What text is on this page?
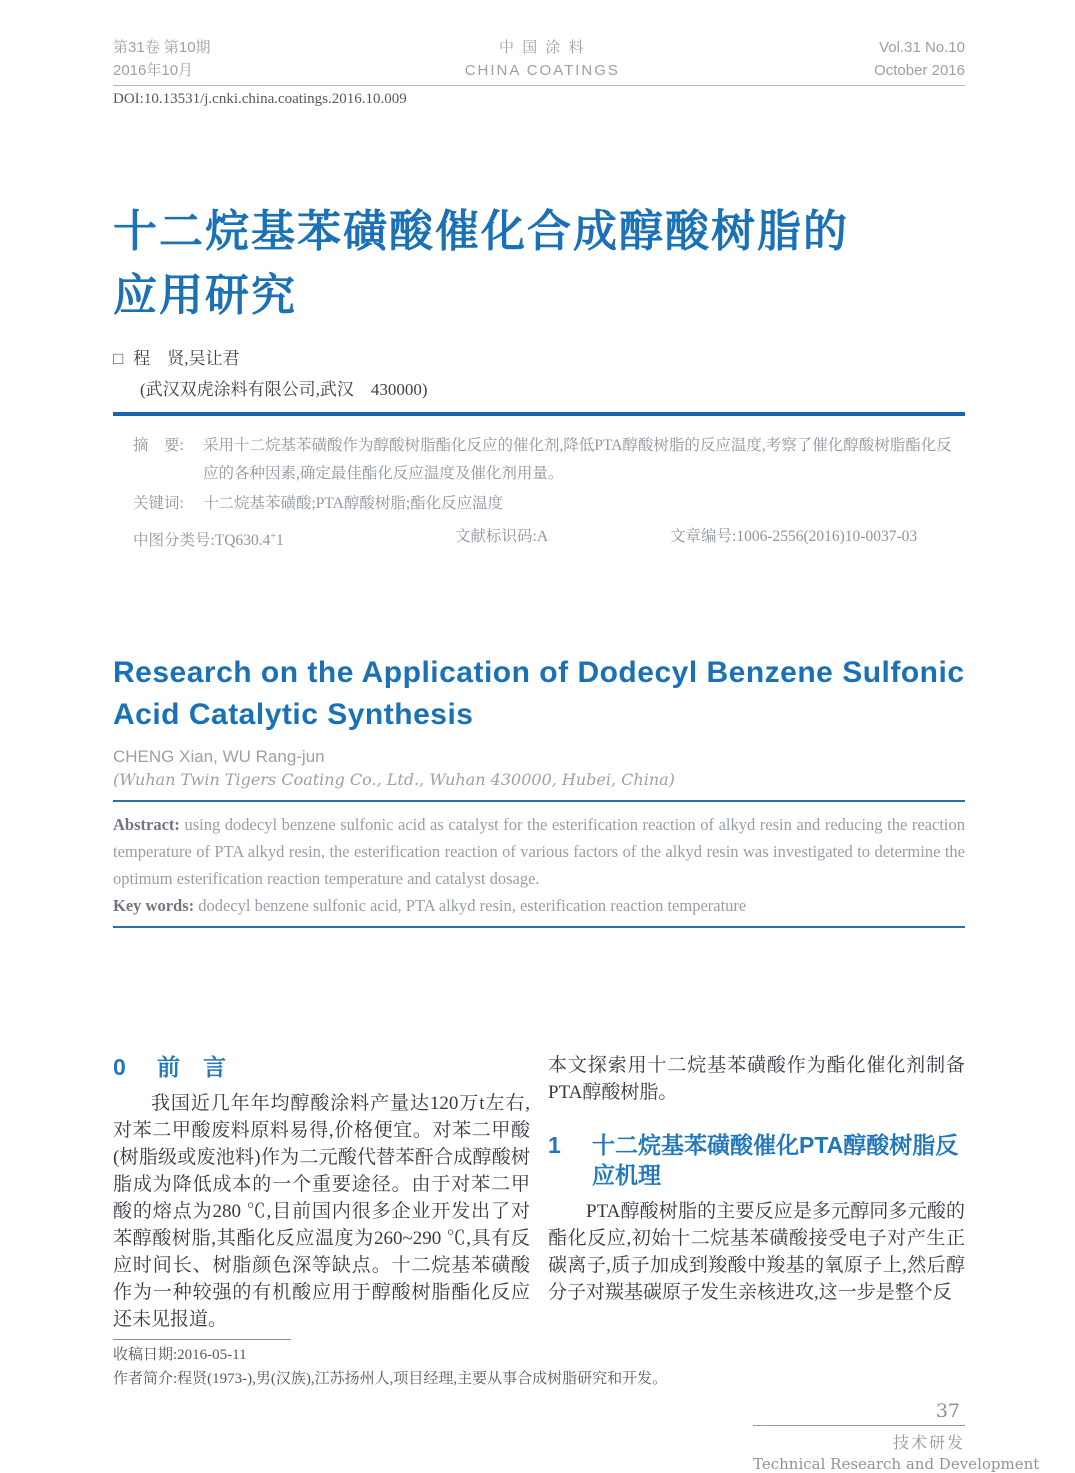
第31卷 第10期
2016年10月
中 国 涂 料
CHINA COATINGS
Vol.31 No.10
October 2016
DOI:10.13531/j.cnki.china.coatings.2016.10.009
十二烷基苯磺酸催化合成醇酸树脂的
应用研究
□ 程　贤,吴让君
(武汉双虎涂料有限公司,武汉　430000)
摘　要:	采用十二烷基苯磺酸作为醇酸树脂酯化反应的催化剂,降低PTA醇酸树脂的反应温度,考察了催化醇酸树脂酯化反应的各种因素,确定最佳酯化反应温度及催化剂用量。
关键词:	十二烷基苯磺酸;PTA醇酸树脂;酯化反应温度
中图分类号:TQ630.4+1	文献标识码:A	文章编号:1006-2556(2016)10-0037-03
Research on the Application of Dodecyl Benzene Sulfonic
Acid Catalytic Synthesis
CHENG Xian, WU Rang-jun
(Wuhan Twin Tigers Coating Co., Ltd., Wuhan 430000, Hubei, China)
Abstract: using dodecyl benzene sulfonic acid as catalyst for the esterification reaction of alkyd resin and reducing the reaction temperature of PTA alkyd resin, the esterification reaction of various factors of the alkyd resin was investigated to determine the optimum esterification reaction temperature and catalyst dosage.
Key words: dodecyl benzene sulfonic acid, PTA alkyd resin, esterification reaction temperature
0	前　言

我国近几年年均醇酸涂料产量达120万t左右,对苯二甲酸废料原料易得,价格便宜。对苯二甲酸(树脂级或废池料)作为二元酸代替苯酐合成醇酸树脂成为降低成本的一个重要途径。由于对苯二甲酸的熔点为280 ℃,目前国内很多企业开发出了对苯醇酸树脂,其酯化反应温度为260~290 ℃,具有反应时间长、树脂颜色深等缺点。十二烷基苯磺酸作为一种较强的有机酸应用于醇酸树脂酯化反应还未见报道。

本文探索用十二烷基苯磺酸作为酯化催化剂制备PTA醇酸树脂。

1	十二烷基苯磺酸催化PTA醇酸树脂反应机理

PTA醇酸树脂的主要反应是多元醇同多元酸的酯化反应,初始十二烷基苯磺酸接受电子对产生正碳离子,质子加成到羧酸中羧基的氧原子上,然后醇分子对羰基碳原子发生亲核进攻,这一步是整个反

收稿日期:2016-05-11
作者简介:程贤(1973-),男(汉族),江苏扬州人,项目经理,主要从事合成树脂研究和开发。
37
技术研发
Technical Research and Development
